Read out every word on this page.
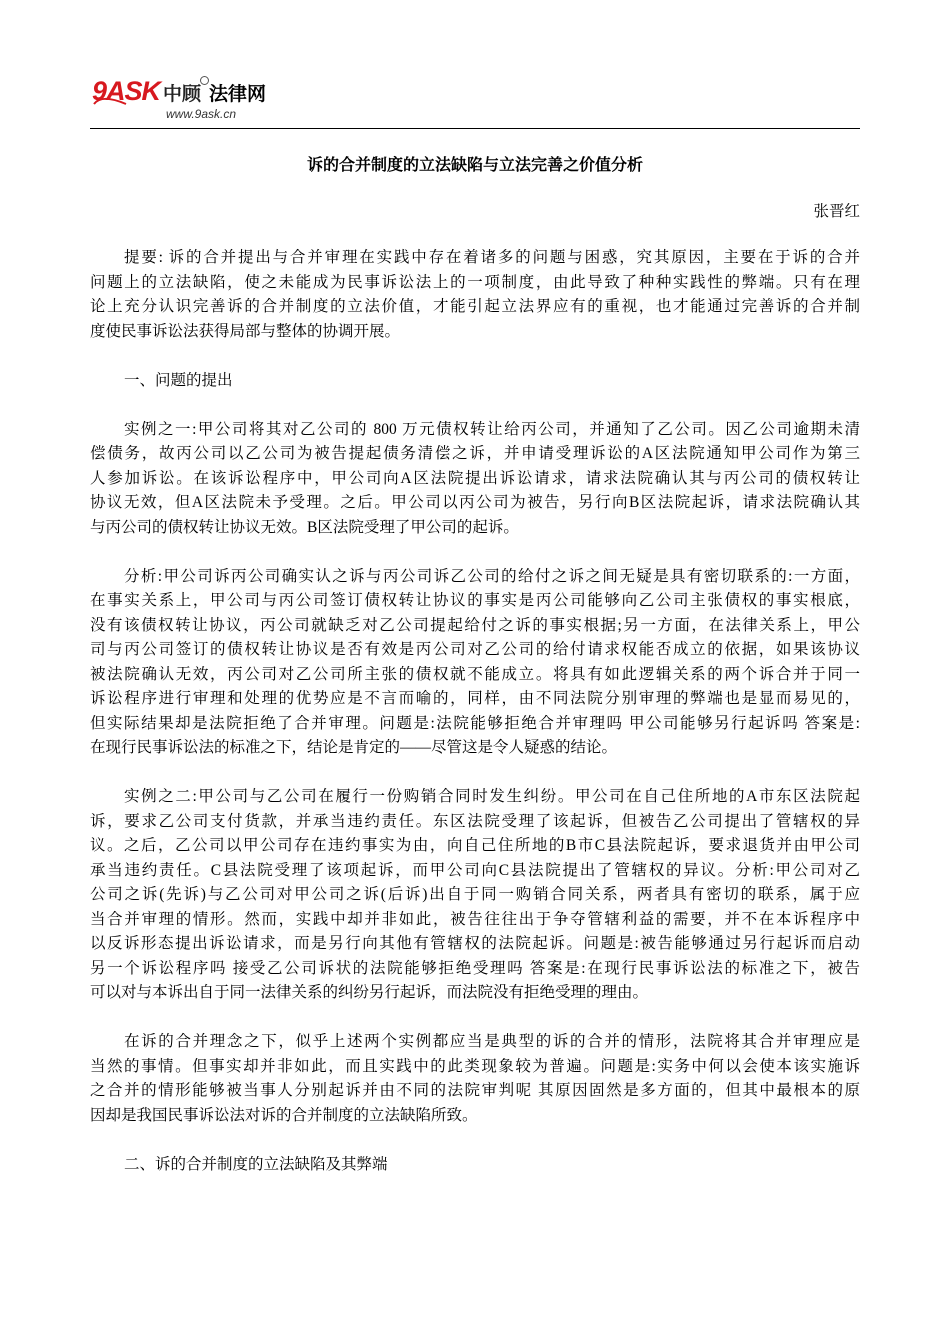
9ASK 中顾 法律网
www.9ask.cn
诉的合并制度的立法缺陷与立法完善之价值分析
张晋红
提要: 诉的合并提出与合并审理在实践中存在着诸多的问题与困惑，究其原因，主要在于诉的合并
问题上的立法缺陷，使之未能成为民事诉讼法上的一项制度，由此导致了种种实践性的弊端。只有在理
论上充分认识完善诉的合并制度的立法价值，才能引起立法界应有的重视，也才能通过完善诉的合并制
度使民事诉讼法获得局部与整体的协调开展。
一、问题的提出
实例之一:甲公司将其对乙公司的 800 万元债权转让给丙公司，并通知了乙公司。因乙公司逾期未清
偿债务，故丙公司以乙公司为被告提起债务清偿之诉，并申请受理诉讼的A区法院通知甲公司作为第三
人参加诉讼。在该诉讼程序中，甲公司向A区法院提出诉讼请求，请求法院确认其与丙公司的债权转让
协议无效，但A区法院未予受理。之后。甲公司以丙公司为被告，另行向B区法院起诉，请求法院确认其
与丙公司的债权转让协议无效。B区法院受理了甲公司的起诉。
分析:甲公司诉丙公司确实认之诉与丙公司诉乙公司的给付之诉之间无疑是具有密切联系的:一方面，
在事实关系上，甲公司与丙公司签订债权转让协议的事实是丙公司能够向乙公司主张债权的事实根底，
没有该债权转让协议，丙公司就缺乏对乙公司提起给付之诉的事实根据;另一方面，在法律关系上，甲公
司与丙公司签订的债权转让协议是否有效是丙公司对乙公司的给付请求权能否成立的依据，如果该协议
被法院确认无效，丙公司对乙公司所主张的债权就不能成立。将具有如此逻辑关系的两个诉合并于同一
诉讼程序进行审理和处理的优势应是不言而喻的，同样，由不同法院分别审理的弊端也是显而易见的，
但实际结果却是法院拒绝了合并审理。问题是:法院能够拒绝合并审理吗 甲公司能够另行起诉吗 答案是:
在现行民事诉讼法的标准之下，结论是肯定的——尽管这是令人疑惑的结论。
实例之二:甲公司与乙公司在履行一份购销合同时发生纠纷。甲公司在自己住所地的A市东区法院起
诉，要求乙公司支付货款，并承当违约责任。东区法院受理了该起诉，但被告乙公司提出了管辖权的异
议。之后，乙公司以甲公司存在违约事实为由，向自己住所地的B市C县法院起诉，要求退货并由甲公司
承当违约责任。C县法院受理了该项起诉，而甲公司向C县法院提出了管辖权的异议。分析:甲公司对乙
公司之诉(先诉)与乙公司对甲公司之诉(后诉)出自于同一购销合同关系，两者具有密切的联系，属于应
当合并审理的情形。然而，实践中却并非如此，被告往往出于争夺管辖利益的需要，并不在本诉程序中
以反诉形态提出诉讼请求，而是另行向其他有管辖权的法院起诉。问题是:被告能够通过另行起诉而启动
另一个诉讼程序吗 接受乙公司诉状的法院能够拒绝受理吗 答案是:在现行民事诉讼法的标准之下，被告
可以对与本诉出自于同一法律关系的纠纷另行起诉，而法院没有拒绝受理的理由。
在诉的合并理念之下，似乎上述两个实例都应当是典型的诉的合并的情形，法院将其合并审理应是
当然的事情。但事实却并非如此，而且实践中的此类现象较为普遍。问题是:实务中何以会使本该实施诉
之合并的情形能够被当事人分别起诉并由不同的法院审判呢 其原因固然是多方面的，但其中最根本的原
因却是我国民事诉讼法对诉的合并制度的立法缺陷所致。
二、诉的合并制度的立法缺陷及其弊端
